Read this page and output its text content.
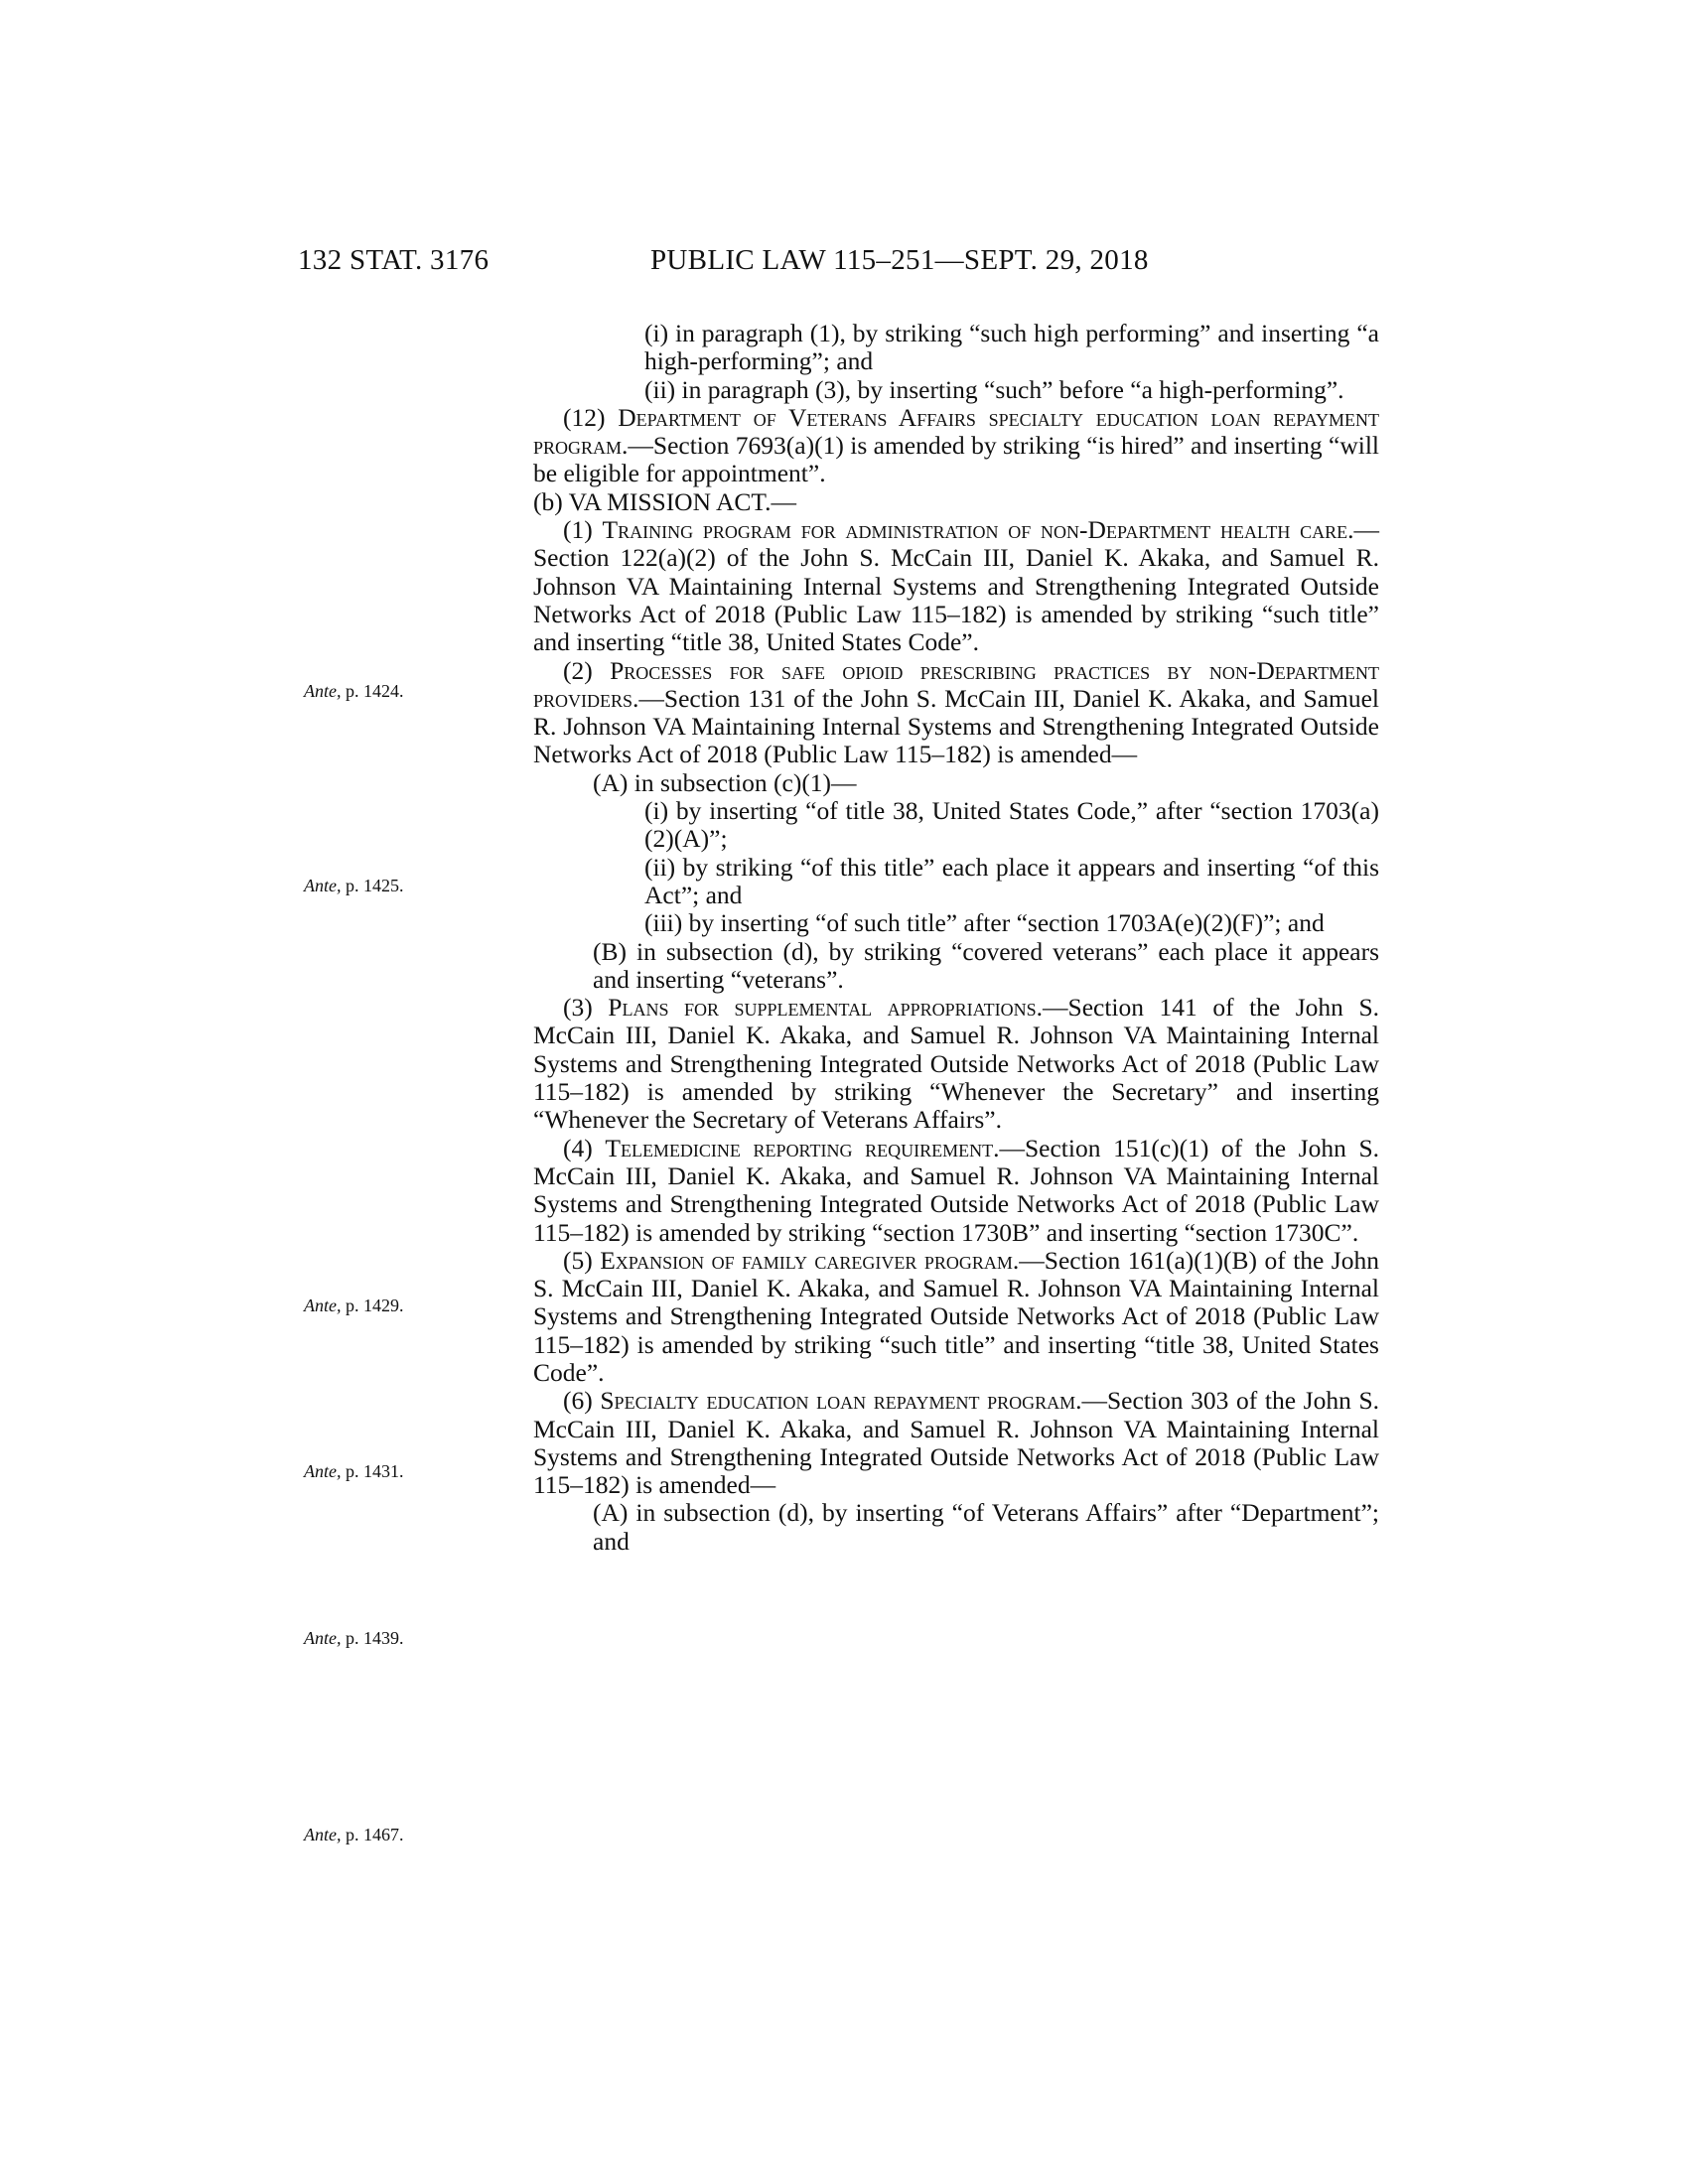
132 STAT. 3176	PUBLIC LAW 115–251—SEPT. 29, 2018
Ante, p. 1424.
Ante, p. 1425.
Ante, p. 1429.
Ante, p. 1431.
Ante, p. 1439.
Ante, p. 1467.

(i) in paragraph (1), by striking “such high performing” and inserting “a high-performing”; and

(ii) in paragraph (3), by inserting “such” before “a high-performing”.

(12) Department of Veterans Affairs specialty education loan repayment program.—Section 7693(a)(1) is amended by striking “is hired” and inserting “will be eligible for appointment”.

(b) VA MISSION ACT.—

(1) Training program for administration of non-Department health care.—Section 122(a)(2) of the John S. McCain III, Daniel K. Akaka, and Samuel R. Johnson VA Maintaining Internal Systems and Strengthening Integrated Outside Networks Act of 2018 (Public Law 115–182) is amended by striking “such title” and inserting “title 38, United States Code”.

(2) Processes for safe opioid prescribing practices by non-Department providers.—Section 131 of the John S. McCain III, Daniel K. Akaka, and Samuel R. Johnson VA Maintaining Internal Systems and Strengthening Integrated Outside Networks Act of 2018 (Public Law 115–182) is amended—

(A) in subsection (c)(1)—

(i) by inserting “of title 38, United States Code,” after “section 1703(a)(2)(A)”;

(ii) by striking “of this title” each place it appears and inserting “of this Act”; and

(iii) by inserting “of such title” after “section 1703A(e)(2)(F)”; and

(B) in subsection (d), by striking “covered veterans” each place it appears and inserting “veterans”.

(3) Plans for supplemental appropriations.—Section 141 of the John S. McCain III, Daniel K. Akaka, and Samuel R. Johnson VA Maintaining Internal Systems and Strengthening Integrated Outside Networks Act of 2018 (Public Law 115–182) is amended by striking “Whenever the Secretary” and inserting “Whenever the Secretary of Veterans Affairs”.

(4) Telemedicine reporting requirement.—Section 151(c)(1) of the John S. McCain III, Daniel K. Akaka, and Samuel R. Johnson VA Maintaining Internal Systems and Strengthening Integrated Outside Networks Act of 2018 (Public Law 115–182) is amended by striking “section 1730B” and inserting “section 1730C”.

(5) Expansion of family caregiver program.—Section 161(a)(1)(B) of the John S. McCain III, Daniel K. Akaka, and Samuel R. Johnson VA Maintaining Internal Systems and Strengthening Integrated Outside Networks Act of 2018 (Public Law 115–182) is amended by striking “such title” and inserting “title 38, United States Code”.

(6) Specialty education loan repayment program.—Section 303 of the John S. McCain III, Daniel K. Akaka, and Samuel R. Johnson VA Maintaining Internal Systems and Strengthening Integrated Outside Networks Act of 2018 (Public Law 115–182) is amended—

(A) in subsection (d), by inserting “of Veterans Affairs” after “Department”; and
